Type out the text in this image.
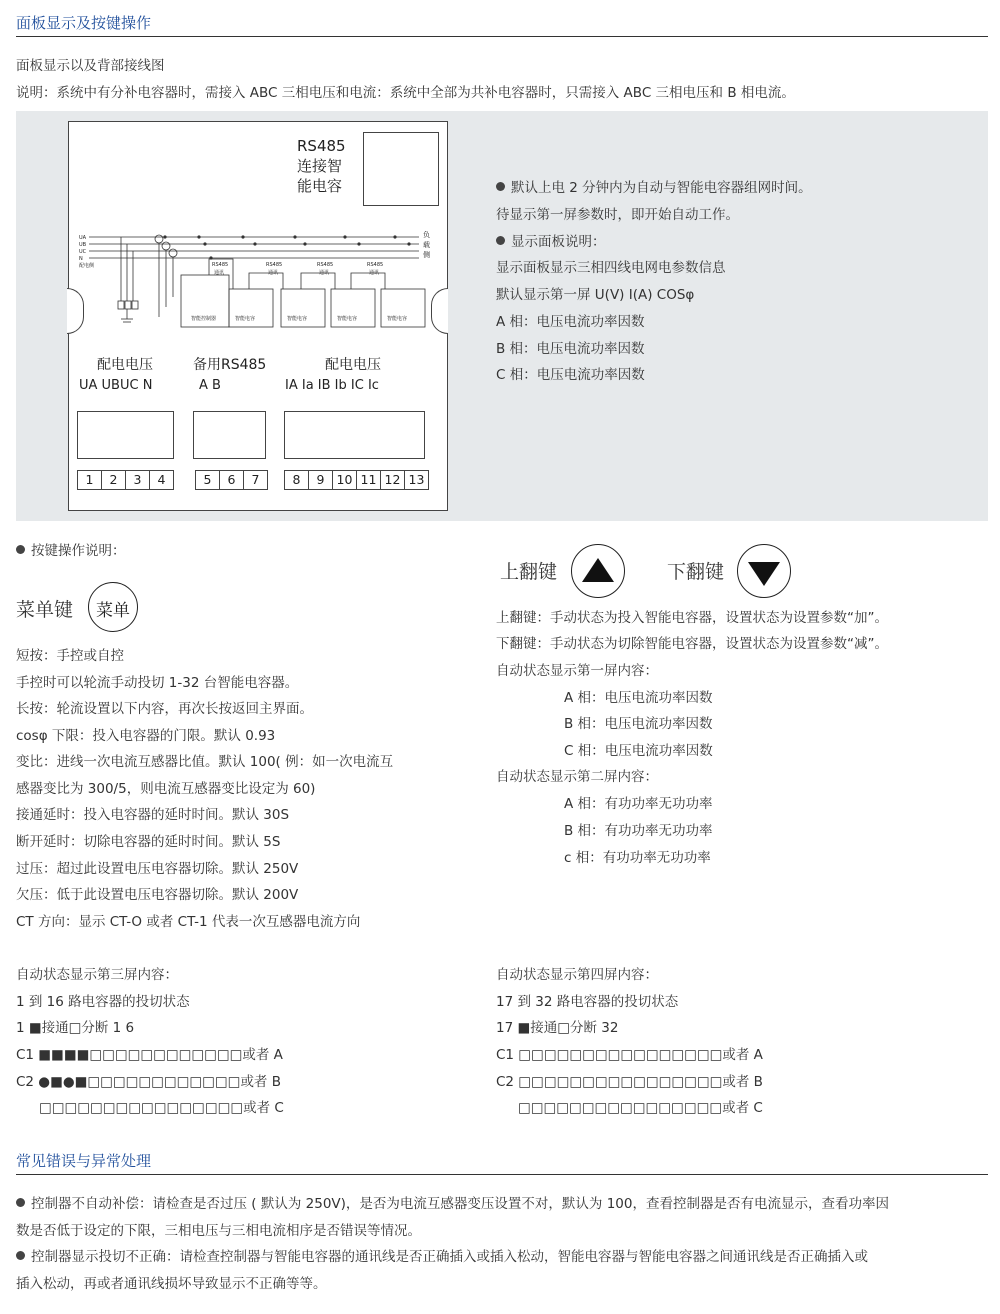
面板显示及按键操作
面板显示以及背部接线图
说明：系统中有分补电容器时，需接入 ABC 三相电压和电流：系统中全部为共补电容器时，只需接入 ABC 三相电压和 B 相电流。
RS485
连接智
能电容
UA
UB
UC
N
配电侧
负
载
侧
RS485	RS485	RS485	RS485
通讯	通讯	通讯	通讯
智能控制器	智能电容	智能电容	智能电容	智能电容
配电电压
UA UBUC N
备用RS485
A B
配电电压
IA Ia IB Ib IC Ic
1	2	3	4	5	6	7	8	9 10 11 12 13
默认上电 2 分钟内为自动与智能电容器组网时间。
待显示第一屏参数时，即开始自动工作。
显示面板说明：
显示面板显示三相四线电网电参数信息
默认显示第一屏 U(V) I(A) COSφ
A 相：电压电流功率因数
B 相：电压电流功率因数
C 相：电压电流功率因数
按键操作说明：
菜单键	菜单
上翻键	下翻键
短按：手控或自控
手控时可以轮流手动投切 1-32 台智能电容器。
长按：轮流设置以下内容，再次长按返回主界面。
cosφ 下限：投入电容器的门限。默认 0.93
变比：进线一次电流互感器比值。默认 100( 例：如一次电流互
感器变比为 300/5，则电流互感器变比设定为 60)
接通延时：投入电容器的延时时间。默认 30S
断开延时：切除电容器的延时时间。默认 5S
过压：超过此设置电压电容器切除。默认 250V
欠压：低于此设置电压电容器切除。默认 200V
CT 方向：显示 CT-O 或者 CT-1 代表一次互感器电流方向
上翻键：手动状态为投入智能电容器，设置状态为设置参数“加”。
下翻键：手动状态为切除智能电容器，设置状态为设置参数“减”。
自动状态显示第一屏内容：
A 相：电压电流功率因数
B 相：电压电流功率因数
C 相：电压电流功率因数
自动状态显示第二屏内容：
A 相：有功功率无功功率
B 相：有功功率无功功率
c 相：有功功率无功功率
自动状态显示第三屏内容：
1 到 16 路电容器的投切状态
1 ■接通□分断 1 6
C1 ■■■■□□□□□□□□□□□□或者 A
C2 ●■●■□□□□□□□□□□□□或者 B
□□□□□□□□□□□□□□□□或者 C
自动状态显示第四屏内容：
17 到 32 路电容器的投切状态
17 ■接通□分断 32
C1 □□□□□□□□□□□□□□□□或者 A
C2 □□□□□□□□□□□□□□□□或者 B
□□□□□□□□□□□□□□□□或者 C
常见错误与异常处理
控制器不自动补偿：请检查是否过压 ( 默认为 250V)，是否为电流互感器变压设置不对，默认为 100，查看控制器是否有电流显示，查看功率因
数是否低于设定的下限，三相电压与三相电流相序是否错误等情况。
控制器显示投切不正确：请检查控制器与智能电容器的通讯线是否正确插入或插入松动，智能电容器与智能电容器之间通讯线是否正确插入或
插入松动，再或者通讯线损坏导致显示不正确等等。
